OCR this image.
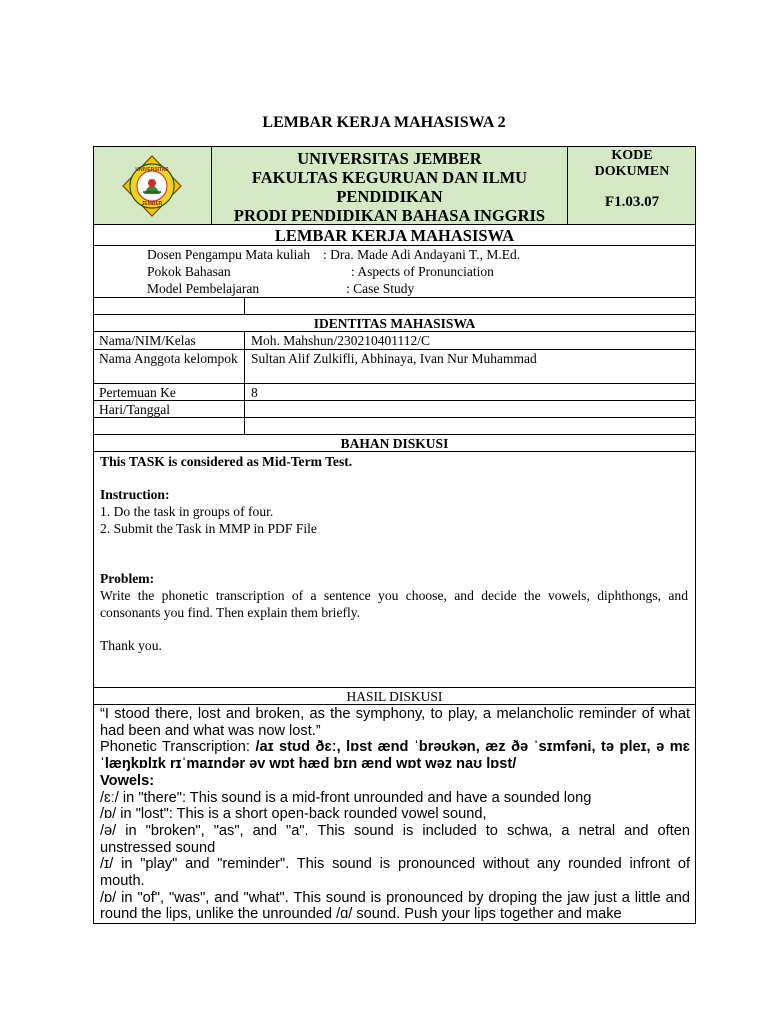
LEMBAR KERJA MAHASISWA 2
UNIVERSITAS
JEMBER
UNIVERSITAS JEMBER
FAKULTAS KEGURUAN DAN ILMU
PENDIDIKAN
PRODI PENDIDIKAN BAHASA INGGRIS
KODE
DOKUMEN
F1.03.07
LEMBAR KERJA MAHASISWA
Dosen Pengampu Mata kuliah : Dra. Made Adi Andayani T., M.Ed.
Pokok Bahasan	: Aspects of Pronunciation
Model Pembelajaran	: Case Study
IDENTITAS MAHASISWA
Nama/NIM/Kelas	Moh. Mahshun/230210401112/C
Nama Anggota kelompok Sultan Alif Zulkifli, Abhinaya, Ivan Nur Muhammad
Pertemuan Ke	8
Hari/Tanggal
BAHAN DISKUSI
This TASK is considered as Mid-Term Test.
Instruction:
1. Do the task in groups of four.
2. Submit the Task in MMP in PDF File
Problem:
Write the phonetic transcription of a sentence you choose, and decide the vowels, diphthongs, and consonants you find. Then explain them briefly.
Thank you.
HASIL DISKUSI

“I stood there, lost and broken, as the symphony, to play, a melancholic reminder of what had been and what was now lost.”

Phonetic Transcription: /aɪ stʊd ðɛː, lɒst ænd ˈbrəʊkən, æz ðə ˈsɪmfəni, tə pleɪ, ə mɛˈlæŋkɒlɪk rɪˈmaɪndər əv wɒt hæd bɪn ænd wɒt wəz naʊ lɒst/

Vowels:

/ɛː/ in "there": This sound is a mid-front unrounded and have a sounded long

/ɒ/ in "lost": This is a short open-back rounded vowel sound,

/ə/ in "broken", "as", and "a". This sound is included to schwa, a netral and often unstressed sound

/ɪ/ in "play" and "reminder". This sound is pronounced without any rounded infront of mouth.

/ɒ/ in "of", "was", and "what". This sound is pronounced by droping the jaw just a little and round the lips, unlike the unrounded /ɑ/ sound. Push your lips together and make
